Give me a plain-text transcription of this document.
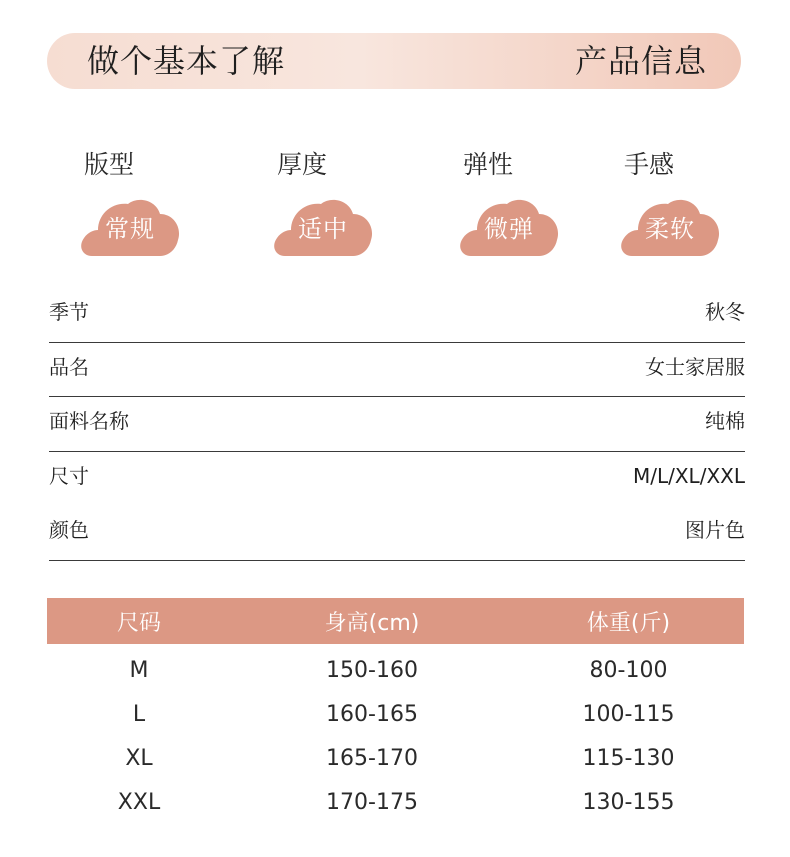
做个基本了解	产品信息
版型
常规
厚度
适中
弹性
微弹
手感
柔软
季节	秋冬
品名	女士家居服
面料名称	纯棉
尺寸	M/L/XL/XXL
颜色	图片色
尺码	身高(cm)	体重(斤)
M	150-160	80-100
L	160-165	100-115
XL	165-170	115-130
XXL	170-175	130-155
